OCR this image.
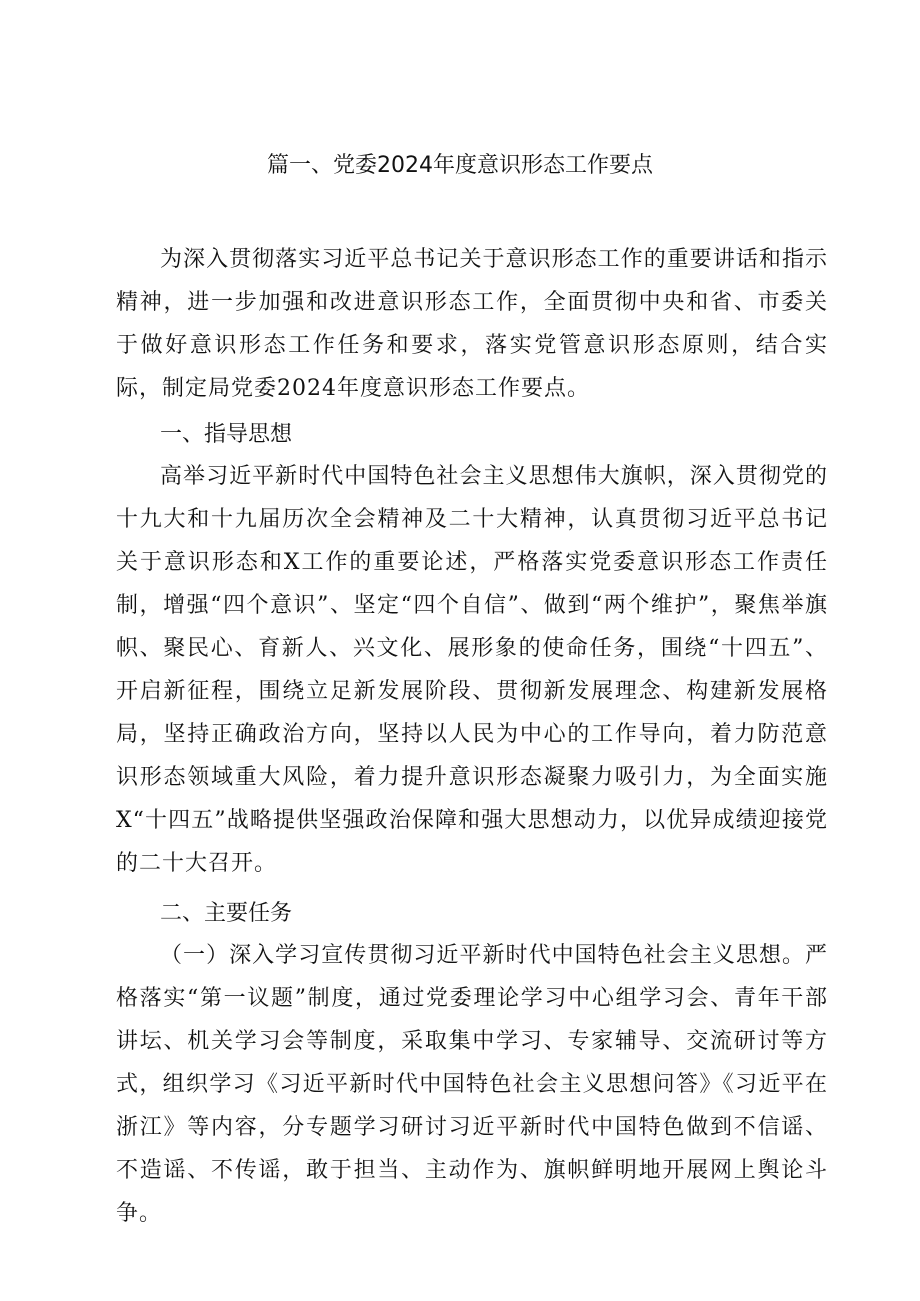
篇一、党委2024年度意识形态工作要点

为深入贯彻落实习近平总书记关于意识形态工作的重要讲话和指示精神，进一步加强和改进意识形态工作，全面贯彻中央和省、市委关于做好意识形态工作任务和要求，落实党管意识形态原则，结合实际，制定局党委2024年度意识形态工作要点。

一、指导思想

高举习近平新时代中国特色社会主义思想伟大旗帜，深入贯彻党的十九大和十九届历次全会精神及二十大精神，认真贯彻习近平总书记关于意识形态和X工作的重要论述，严格落实党委意识形态工作责任制，增强“四个意识”、坚定“四个自信”、做到“两个维护”，聚焦举旗帜、聚民心、育新人、兴文化、展形象的使命任务，围绕“十四五”、开启新征程，围绕立足新发展阶段、贯彻新发展理念、构建新发展格局，坚持正确政治方向，坚持以人民为中心的工作导向，着力防范意识形态领域重大风险，着力提升意识形态凝聚力吸引力，为全面实施X“十四五”战略提供坚强政治保障和强大思想动力，以优异成绩迎接党的二十大召开。

二、主要任务

（一）深入学习宣传贯彻习近平新时代中国特色社会主义思想。严格落实“第一议题”制度，通过党委理论学习中心组学习会、青年干部讲坛、机关学习会等制度，采取集中学习、专家辅导、交流研讨等方式，组织学习《习近平新时代中国特色社会主义思想问答》《习近平在浙江》等内容，分专题学习研讨习近平新时代中国特色做到不信谣、不造谣、不传谣，敢于担当、主动作为、旗帜鲜明地开展网上舆论斗争。
